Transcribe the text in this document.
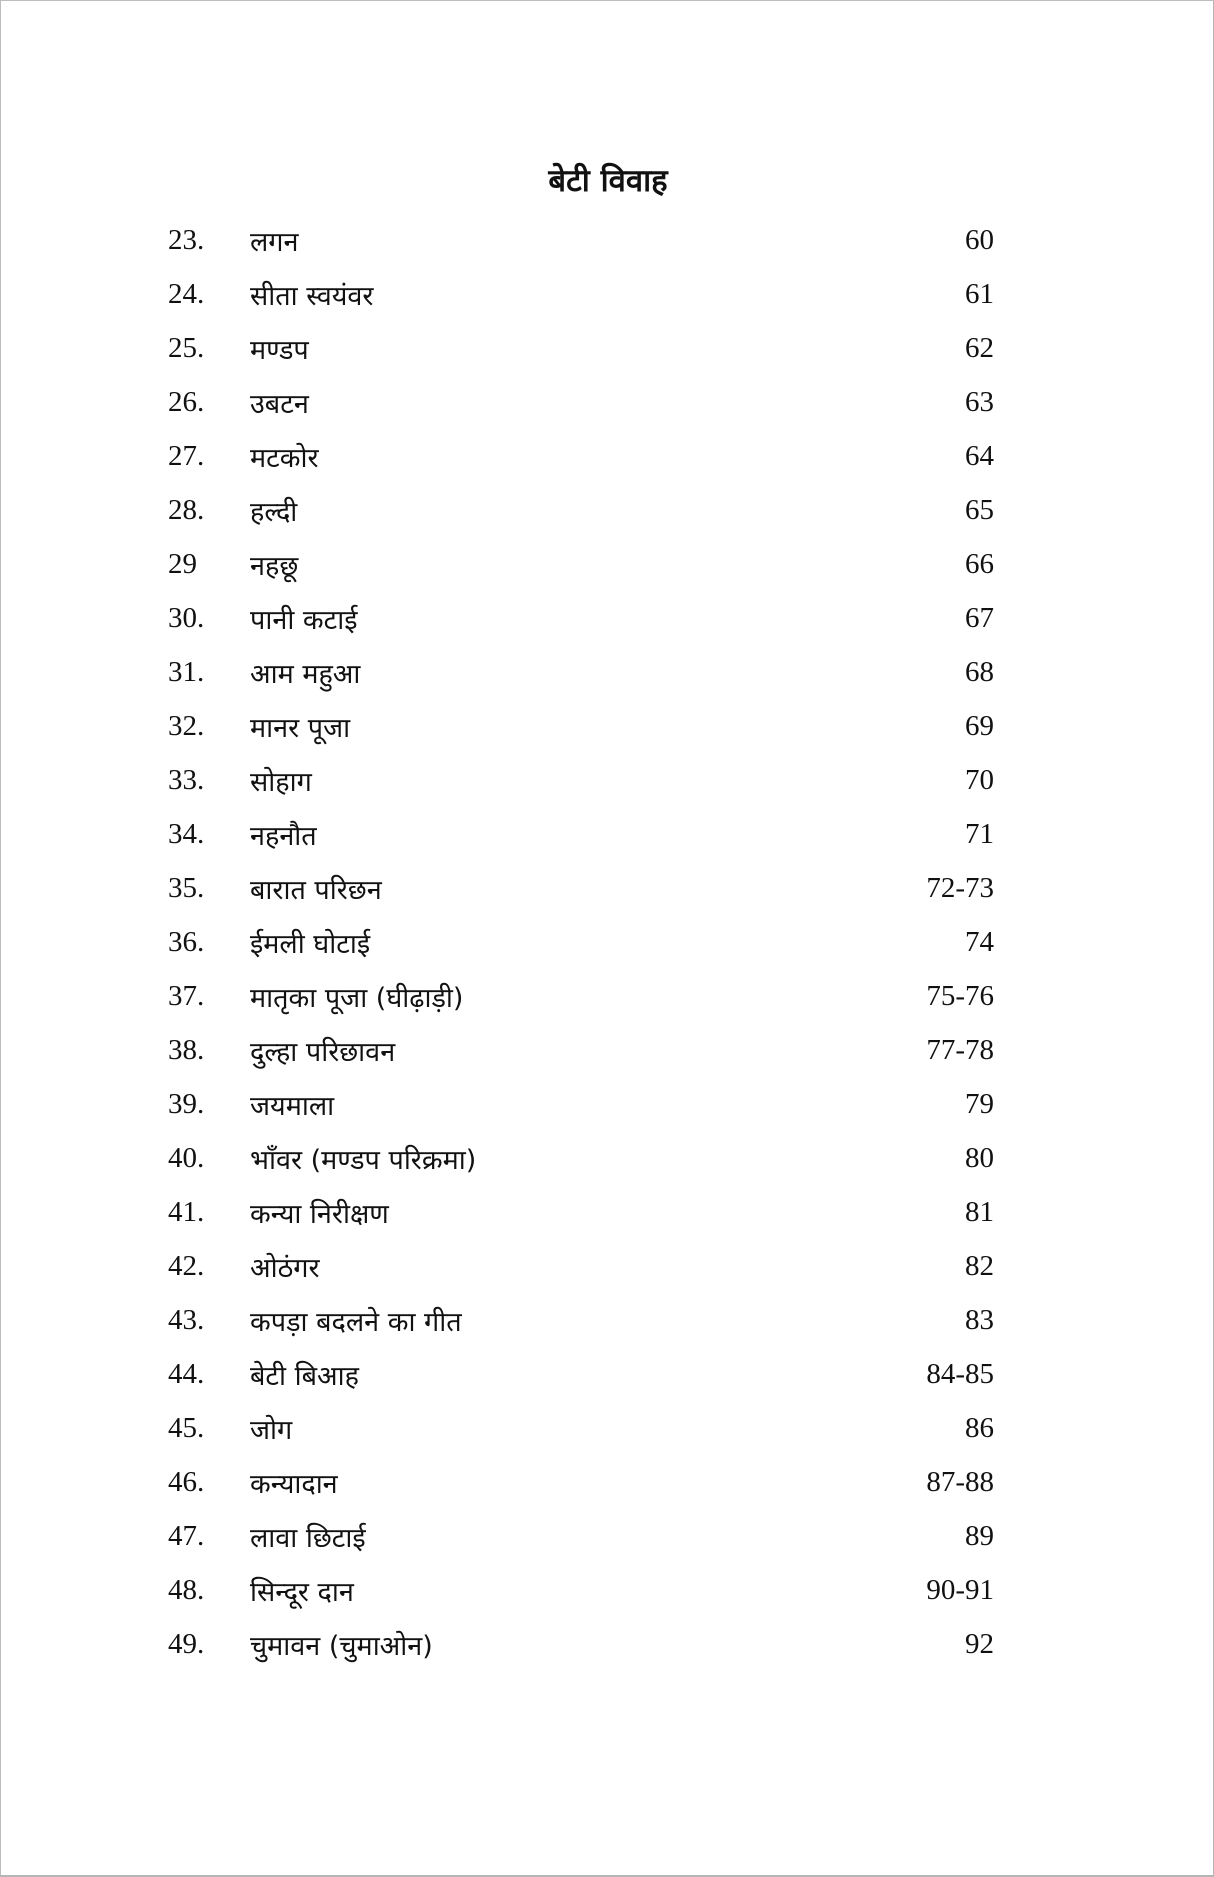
बेटी विवाह
23.	लगन	60
24.	सीता स्वयंवर	61
25.	मण्डप	62
26.	उबटन	63
27.	मटकोर	64
28.	हल्दी	65
29	नहछू	66
30.	पानी कटाई	67
31.	आम महुआ	68
32.	मानर पूजा	69
33.	सोहाग	70
34.	नहनौत	71
35.	बारात परिछन	72-73
36.	ईमली घोटाई	74
37.	मातृका पूजा (घीढ़ाड़ी)	75-76
38.	दुल्हा परिछावन	77-78
39.	जयमाला	79
40.	भाँवर (मण्डप परिक्रमा)	80
41.	कन्या निरीक्षण	81
42.	ओठंगर	82
43.	कपड़ा बदलने का गीत	83
44.	बेटी बिआह	84-85
45.	जोग	86
46.	कन्यादान	87-88
47.	लावा छिटाई	89
48.	सिन्दूर दान	90-91
49.	चुमावन (चुमाओन)	92
